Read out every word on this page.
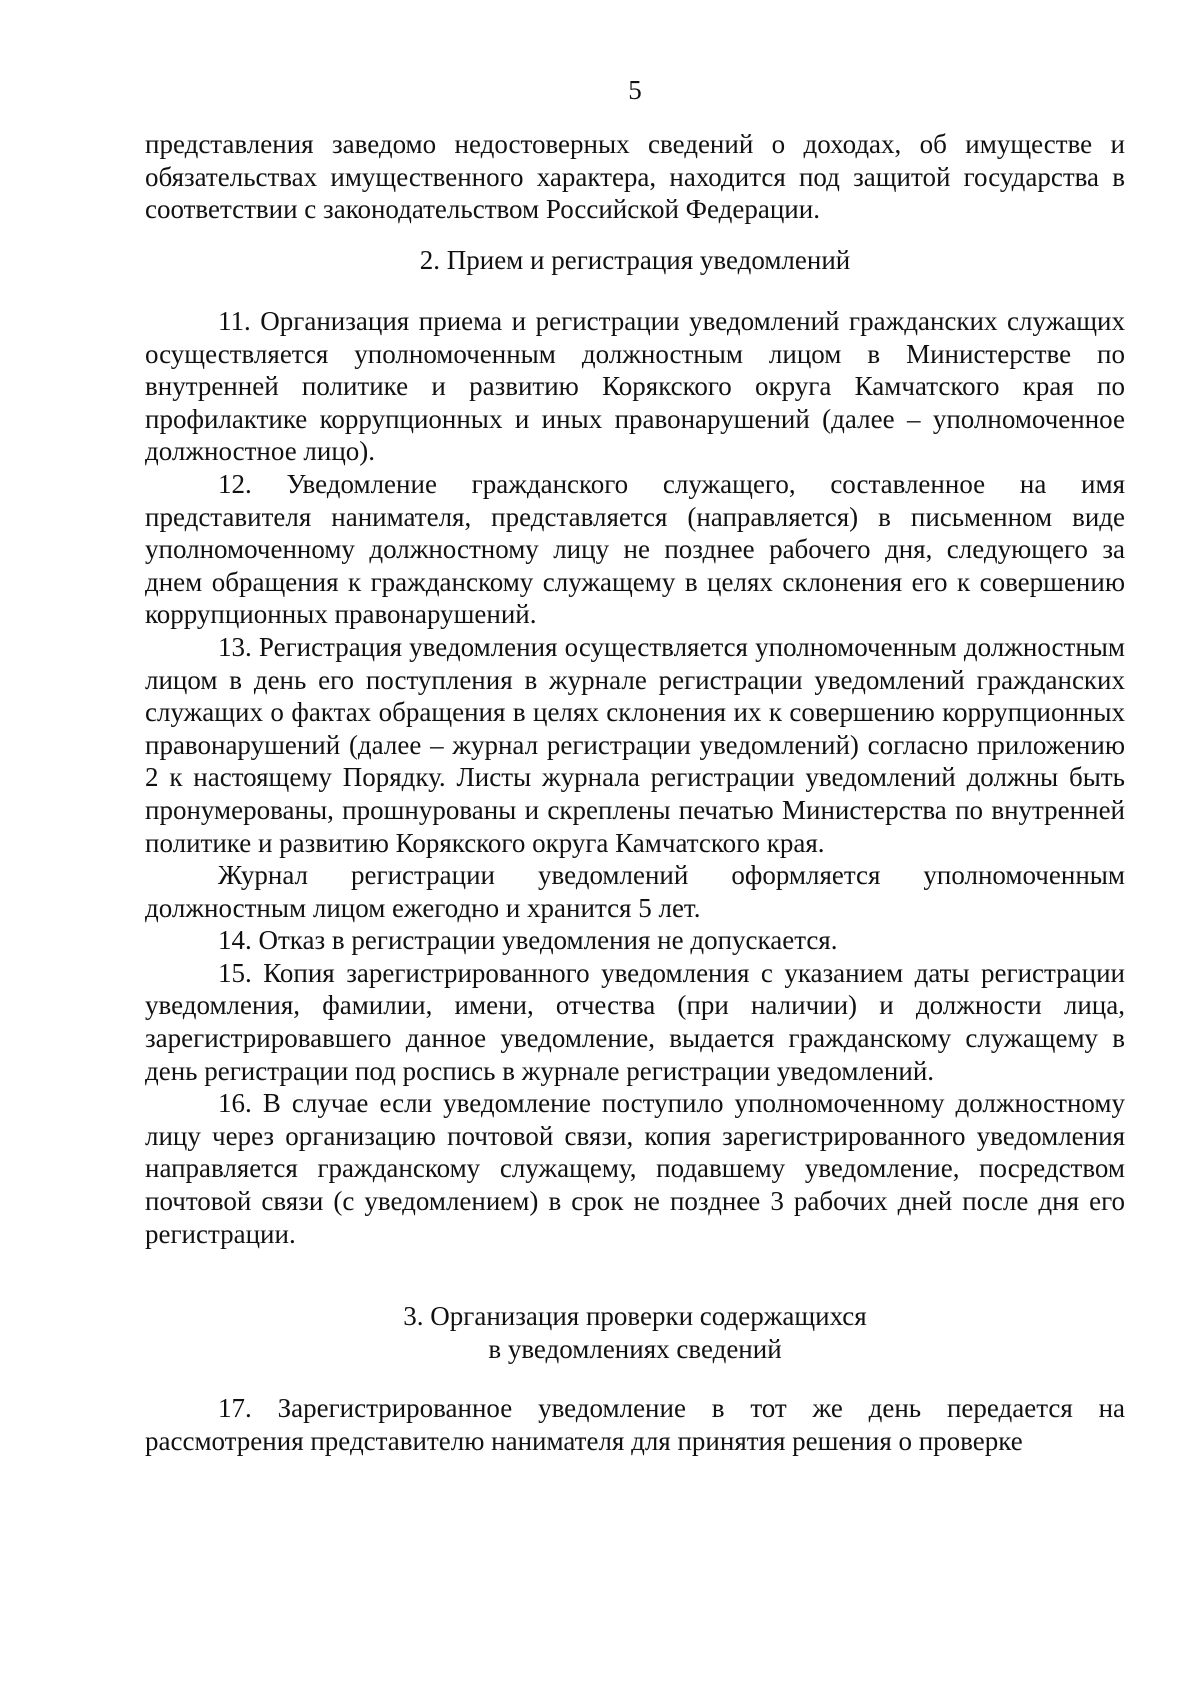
5

представления заведомо недостоверных сведений о доходах, об имуществе и обязательствах имущественного характера, находится под защитой государства в соответствии с законодательством Российской Федерации.

2. Прием и регистрация уведомлений

11. Организация приема и регистрации уведомлений гражданских служащих осуществляется уполномоченным должностным лицом в Министерстве по внутренней политике и развитию Корякского округа Камчатского края по профилактике коррупционных и иных правонарушений (далее – уполномоченное должностное лицо).

12. Уведомление гражданского служащего, составленное на имя представителя нанимателя, представляется (направляется) в письменном виде уполномоченному должностному лицу не позднее рабочего дня, следующего за днем обращения к гражданскому служащему в целях склонения его к совершению коррупционных правонарушений.

13. Регистрация уведомления осуществляется уполномоченным должностным лицом в день его поступления в журнале регистрации уведомлений гражданских служащих о фактах обращения в целях склонения их к совершению коррупционных правонарушений (далее – журнал регистрации уведомлений) согласно приложению 2 к настоящему Порядку. Листы журнала регистрации уведомлений должны быть пронумерованы, прошнурованы и скреплены печатью Министерства по внутренней политике и развитию Корякского округа Камчатского края.

Журнал регистрации уведомлений оформляется уполномоченным должностным лицом ежегодно и хранится 5 лет.

14. Отказ в регистрации уведомления не допускается.

15. Копия зарегистрированного уведомления с указанием даты регистрации уведомления, фамилии, имени, отчества (при наличии) и должности лица, зарегистрировавшего данное уведомление, выдается гражданскому служащему в день регистрации под роспись в журнале регистрации уведомлений.

16. В случае если уведомление поступило уполномоченному должностному лицу через организацию почтовой связи, копия зарегистрированного уведомления направляется гражданскому служащему, подавшему уведомление, посредством почтовой связи (с уведомлением) в срок не позднее 3 рабочих дней после дня его регистрации.

3. Организация проверки содержащихся
в уведомлениях сведений

17. Зарегистрированное уведомление в тот же день передается на рассмотрения представителю нанимателя для принятия решения о проверке
